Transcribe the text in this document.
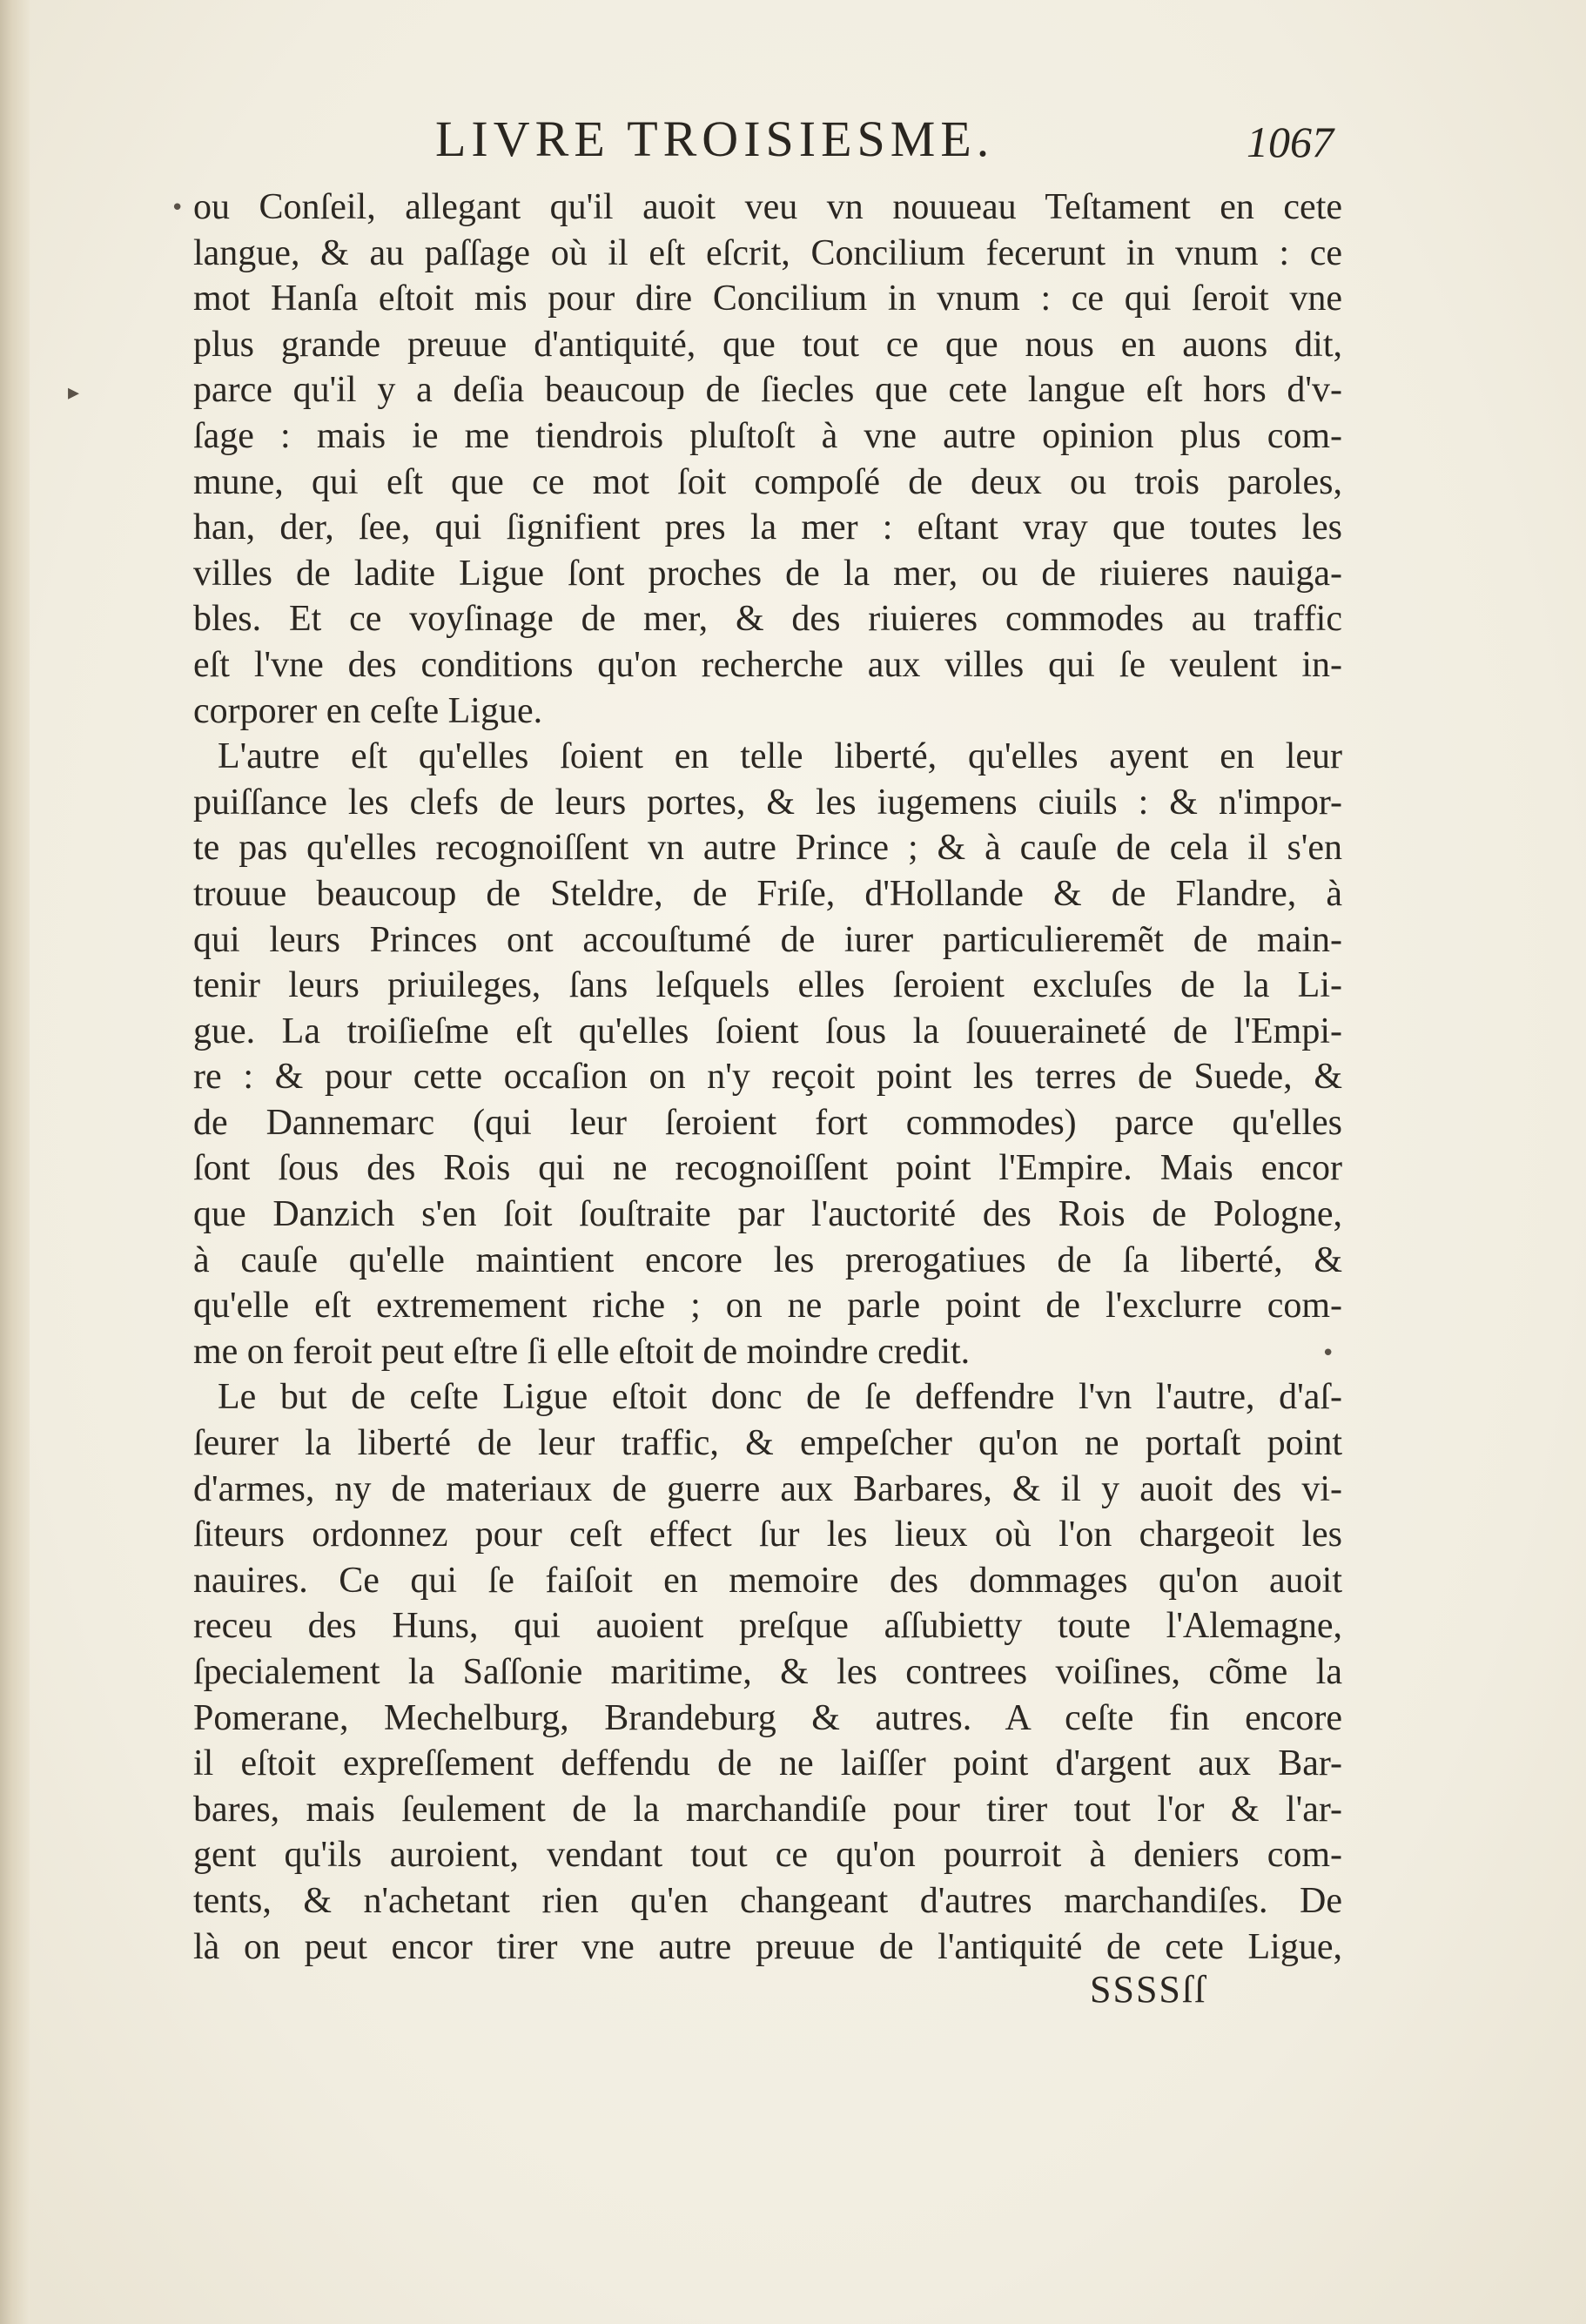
LIVRE TROISIESME.	1067
ou Conſeil, allegant qu'il auoit veu vn nouueau Teſtament en cete
langue, & au paſſage où il eſt eſcrit, Concilium fecerunt in vnum : ce
mot Hanſa eſtoit mis pour dire Concilium in vnum : ce qui ſeroit vne
plus grande preuue d'antiquité, que tout ce que nous en auons dit,
parce qu'il y a deſia beaucoup de ſiecles que cete langue eſt hors d'v-
ſage : mais ie me tiendrois pluſtoſt à vne autre opinion plus com-
mune, qui eſt que ce mot ſoit compoſé de deux ou trois paroles,
han, der, ſee, qui ſignifient pres la mer : eſtant vray que toutes les
villes de ladite Ligue ſont proches de la mer, ou de riuieres nauiga-
bles. Et ce voyſinage de mer, & des riuieres commodes au traffic
eſt l'vne des conditions qu'on recherche aux villes qui ſe veulent in-
corporer en ceſte Ligue.
L'autre eſt qu'elles ſoient en telle liberté, qu'elles ayent en leur
puiſſance les clefs de leurs portes, & les iugemens ciuils : & n'impor-
te pas qu'elles recognoiſſent vn autre Prince ; & à cauſe de cela il s'en
trouue beaucoup de Steldre, de Friſe, d'Hollande & de Flandre, à
qui leurs Princes ont accouſtumé de iurer particulieremẽt de main-
tenir leurs priuileges, ſans leſquels elles ſeroient excluſes de la Li-
gue. La troiſieſme eſt qu'elles ſoient ſous la ſouueraineté de l'Empi-
re : & pour cette occaſion on n'y reçoit point les terres de Suede, &
de Dannemarc (qui leur ſeroient fort commodes) parce qu'elles
ſont ſous des Rois qui ne recognoiſſent point l'Empire. Mais encor
que Danzich s'en ſoit ſouſtraite par l'auctorité des Rois de Pologne,
à cauſe qu'elle maintient encore les prerogatiues de ſa liberté, &
qu'elle eſt extremement riche ; on ne parle point de l'exclurre com-
me on feroit peut eſtre ſi elle eſtoit de moindre credit.
Le but de ceſte Ligue eſtoit donc de ſe deffendre l'vn l'autre, d'aſ-
ſeurer la liberté de leur traffic, & empeſcher qu'on ne portaſt point
d'armes, ny de materiaux de guerre aux Barbares, & il y auoit des vi-
ſiteurs ordonnez pour ceſt effect ſur les lieux où l'on chargeoit les
nauires. Ce qui ſe faiſoit en memoire des dommages qu'on auoit
receu des Huns, qui auoient preſque aſſubietty toute l'Alemagne,
ſpecialement la Saſſonie maritime, & les contrees voiſines, cõme la
Pomerane, Mechelburg, Brandeburg & autres. A ceſte fin encore
il eſtoit expreſſement deffendu de ne laiſſer point d'argent aux Bar-
bares, mais ſeulement de la marchandiſe pour tirer tout l'or & l'ar-
gent qu'ils auroient, vendant tout ce qu'on pourroit à deniers com-
tents, & n'achetant rien qu'en changeant d'autres marchandiſes. De
là on peut encor tirer vne autre preuue de l'antiquité de cete Ligue,
SSSSſſ
•
▸
•
